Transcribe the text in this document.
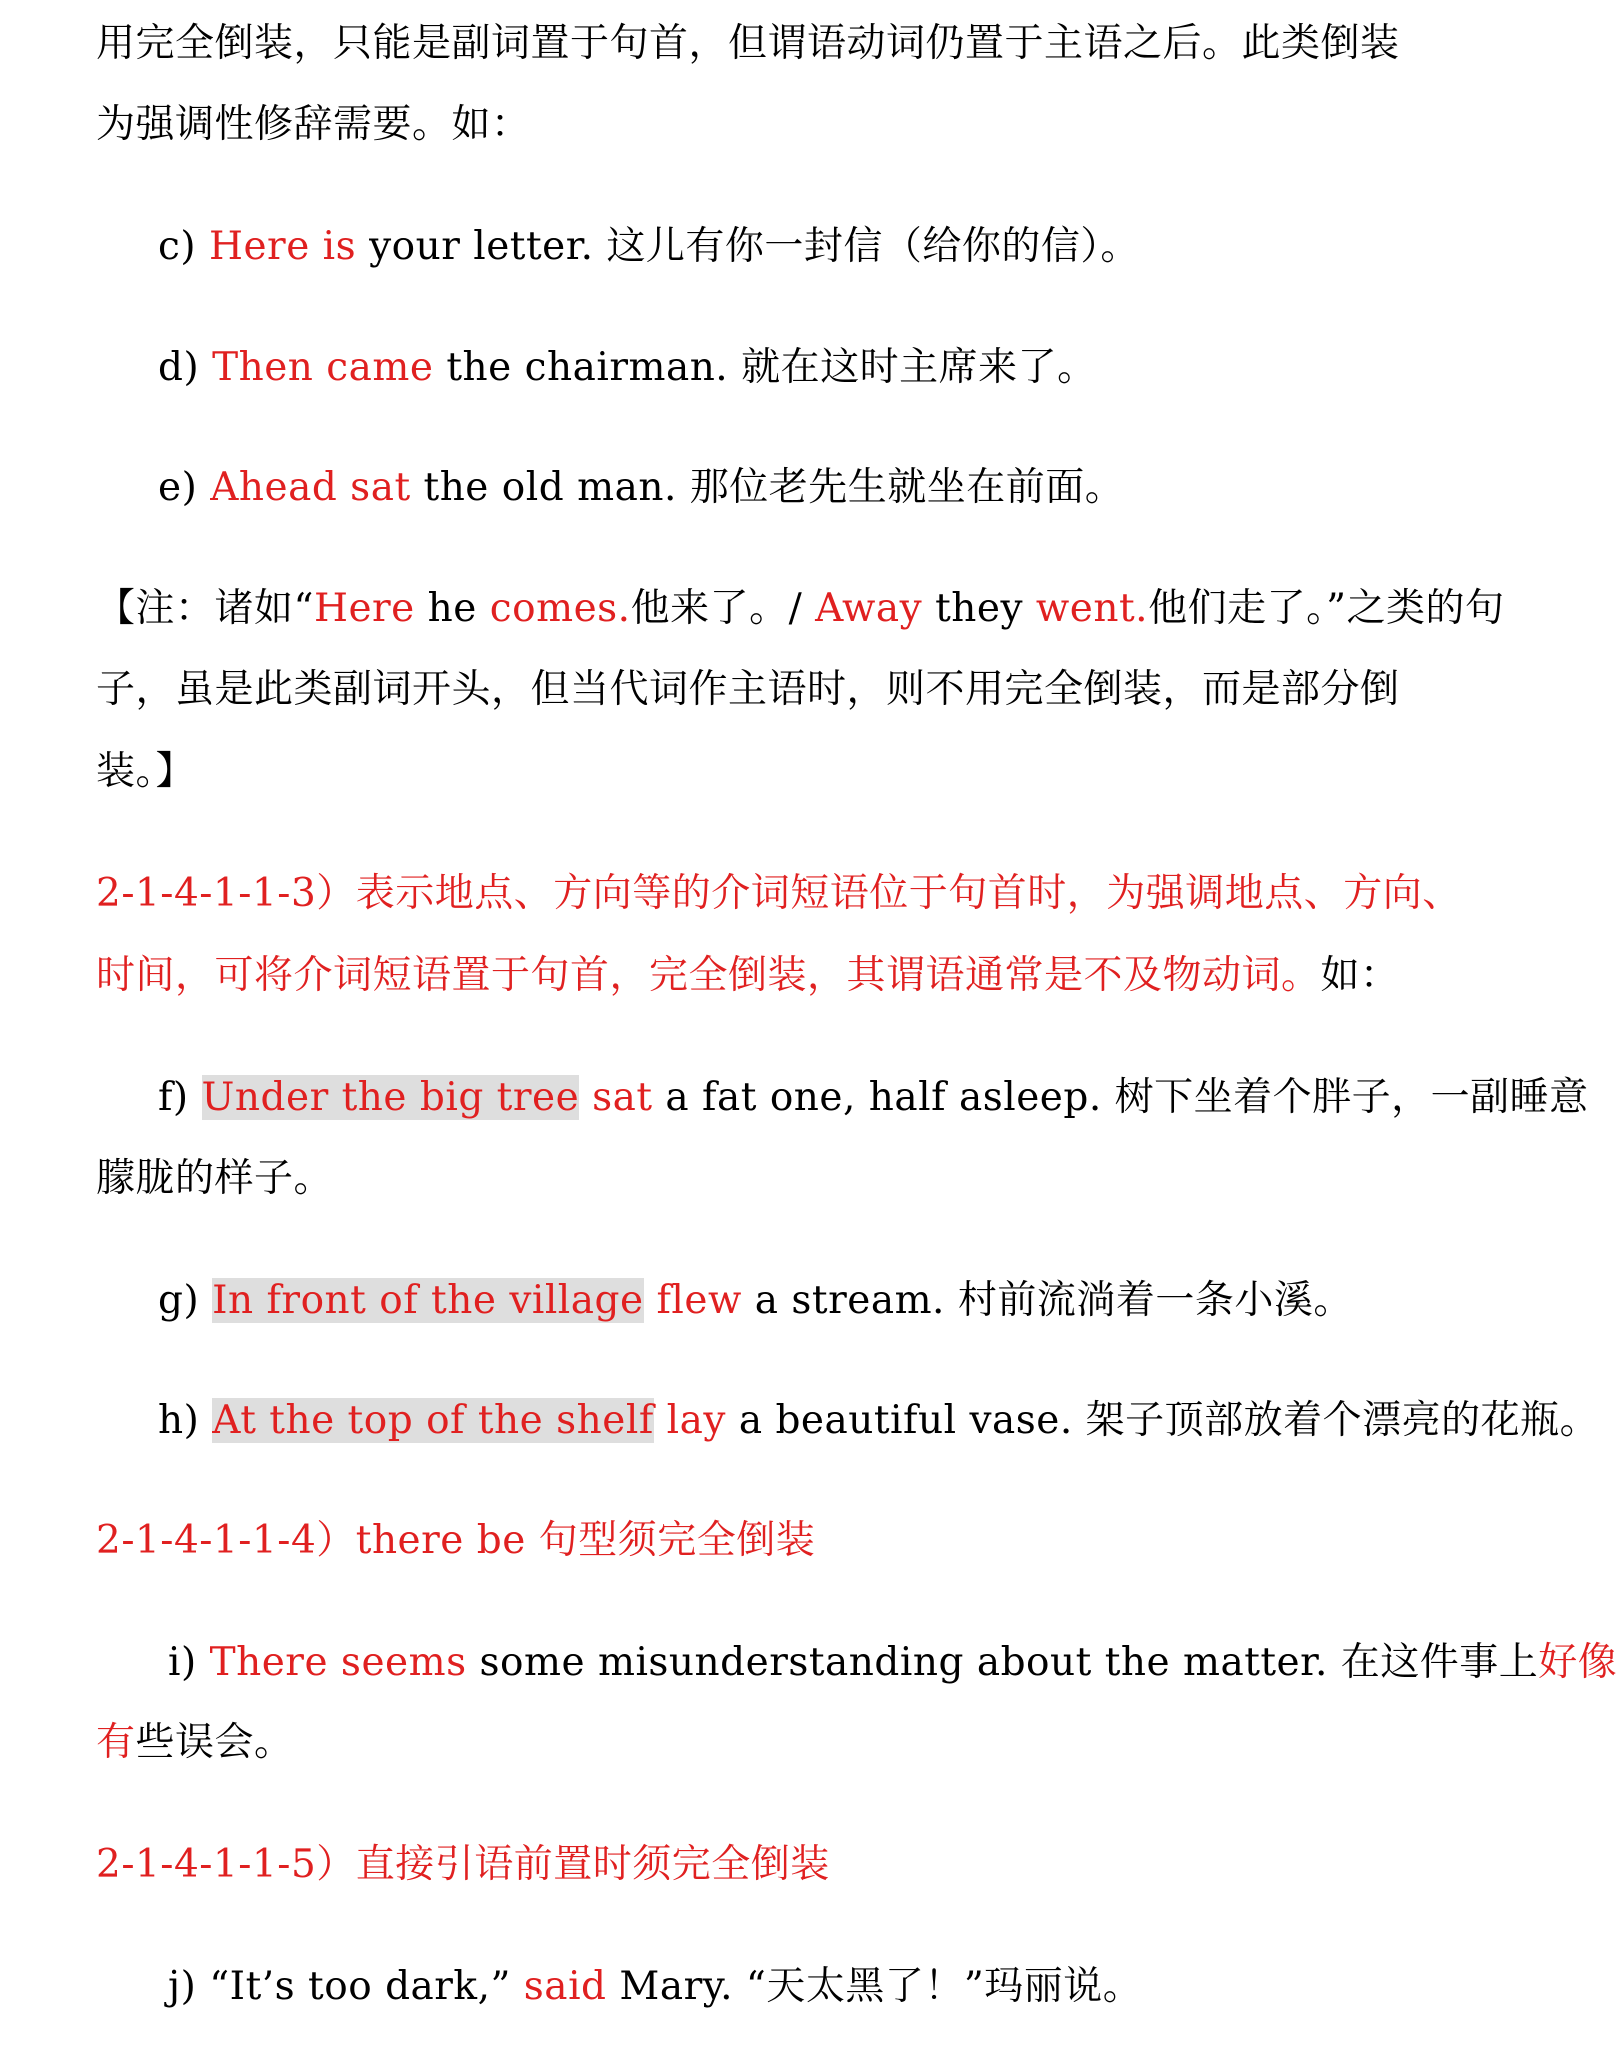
用完全倒装，只能是副词置于句首，但谓语动词仍置于主语之后。此类倒装
为强调性修辞需要。如：
c) Here is your letter. 这儿有你一封信（给你的信）。
d) Then came the chairman. 就在这时主席来了。
e) Ahead sat the old man. 那位老先生就坐在前面。
【注：诸如“Here he comes.他来了。/ Away they went.他们走了。”之类的句
子，虽是此类副词开头，但当代词作主语时，则不用完全倒装，而是部分倒
装。】
2-1-4-1-1-3）表示地点、方向等的介词短语位于句首时，为强调地点、方向、
时间，可将介词短语置于句首，完全倒装，其谓语通常是不及物动词。如：
f) Under the big tree sat a fat one, half asleep. 树下坐着个胖子，一副睡意
朦胧的样子。
g) In front of the village flew a stream. 村前流淌着一条小溪。
h) At the top of the shelf lay a beautiful vase. 架子顶部放着个漂亮的花瓶。
2-1-4-1-1-4）there be 句型须完全倒装
i) There seems some misunderstanding about the matter. 在这件事上好像
有些误会。
2-1-4-1-1-5）直接引语前置时须完全倒装
j) “It’s too dark,” said Mary. “天太黑了！”玛丽说。
